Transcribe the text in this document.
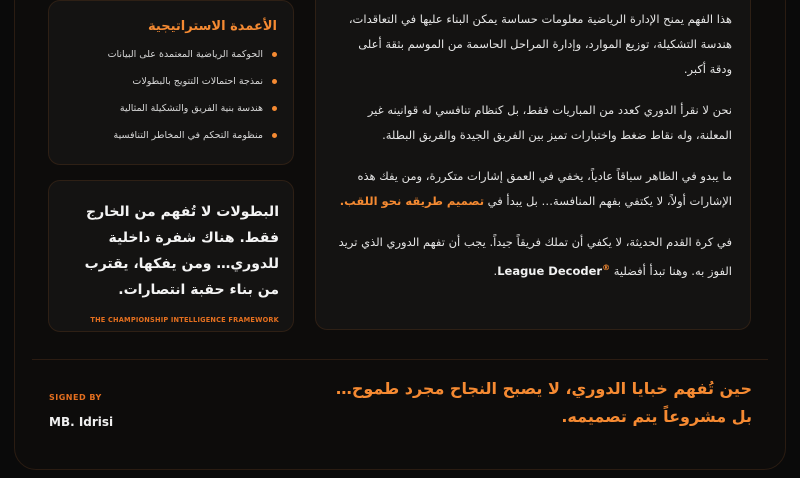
هذا الفهم يمنح الإدارة الرياضية معلومات حساسة يمكن البناء عليها في التعاقدات، هندسة التشكيلة، توزيع الموارد، وإدارة المراحل الحاسمة من الموسم بثقة أعلى ودقة أكبر.

نحن لا نقرأ الدوري كعدد من المباريات فقط، بل كنظام تنافسي له قوانينه غير المعلنة، وله نقاط ضغط واختبارات تميز بين الفريق الجيدة والفريق البطلة.

ما يبدو في الظاهر سباقاً عادياً، يخفي في العمق إشارات متكررة، ومن يفك هذه الإشارات أولاً، لا يكتفي بفهم المنافسة… بل يبدأ في تصميم طريقه نحو اللقب.

في كرة القدم الحديثة، لا يكفي أن تملك فريقاً جيداً. يجب أن تفهم الدوري الذي تريد الفوز به. وهنا تبدأ أفضلية League Decoder®.

الأعمدة الاستراتيجية
الحوكمة الرياضية المعتمدة على البيانات
نمذجة احتمالات التتويج بالبطولات
هندسة بنية الفريق والتشكيلة المثالية
منظومة التحكم في المخاطر التنافسية

البطولات لا تُفهم من الخارج فقط. هناك شفرة داخلية للدوري… ومن يفكها، يقترب من بناء حقبة انتصارات.

THE CHAMPIONSHIP INTELLIGENCE FRAMEWORK
SIGNED BY
MB. Idrisi

حين تُفهم خبايا الدوري، لا يصبح النجاح مجرد طموح… بل مشروعاً يتم تصميمه.
